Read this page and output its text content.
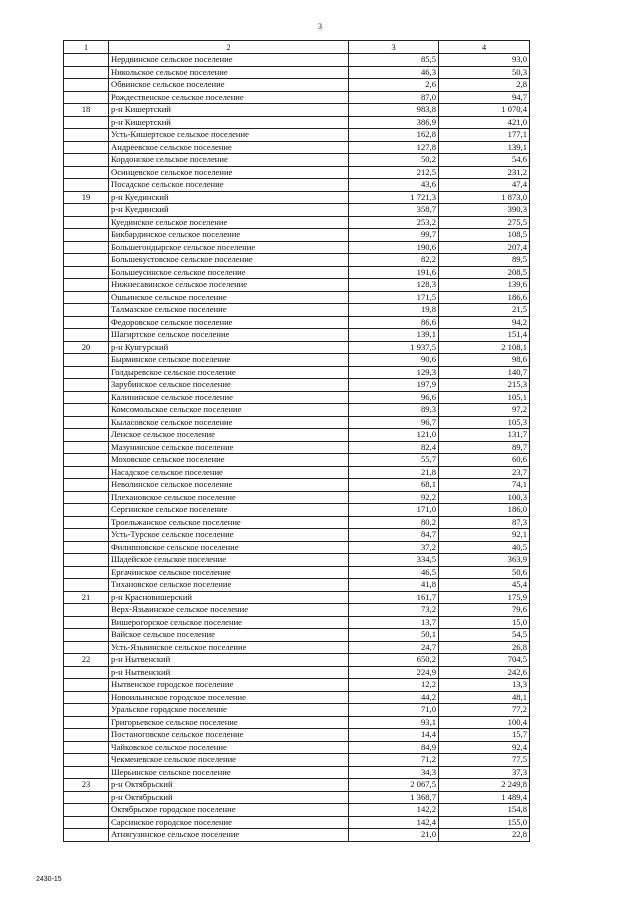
3
1	2	3	4
	Нердвинское сельское поселение	85,5	93,0
	Никольское сельское поселение	46,3	50,3
	Обвинское сельское поселение	2,6	2,8
	Рождественское сельское поселение	87,0	94,7
18	р-н Кишертский	983,8	1 070,4
	р-н Кишертский	386,9	421,0
	Усть-Кишертское сельское поселение	162,8	177,1
	Андреевское сельское поселение	127,8	139,1
	Кордонское сельское поселение	50,2	54,6
	Осинцевское сельское поселение	212,5	231,2
	Посадское сельское поселение	43,6	47,4
19	р-н Куединский	1 721,3	1 873,0
	р-н Куединский	358,7	390,3
	Куединское сельское поселение	253,2	275,5
	Бикбардинское сельское поселение	99,7	108,5
	Большегондырское сельское поселение	190,6	207,4
	Большекустовское сельское поселение	82,2	89,5
	Большеусинское сельское поселение	191,6	208,5
	Нижнесавинское сельское поселение	128,3	139,6
	Ошьинское сельское поселение	171,5	186,6
	Талмазское сельское поселение	19,8	21,5
	Федоровское сельское поселение	86,6	94,2
	Шагиртское сельское поселение	139,1	151,4
20	р-н Кунгурский	1 937,5	2 108,1
	Бырминское сельское поселение	90,6	98,6
	Голдыревское сельское поселение	129,3	140,7
	Зарубинское сельское поселение	197,9	215,3
	Калининское сельское поселение	96,6	105,1
	Комсомольское сельское поселение	89,3	97,2
	Кыласовское сельское поселение	96,7	105,3
	Ленское сельское поселение	121,0	131,7
	Мазунинское сельское поселение	82,4	89,7
	Моховское сельское поселение	55,7	60,6
	Насадское сельское поселение	21,8	23,7
	Неволинское сельское поселение	68,1	74,1
	Плехановское сельское поселение	92,2	100,3
	Сергинское сельское поселение	171,0	186,0
	Троельжанское сельское поселение	80,2	87,3
	Усть-Турское сельское поселение	84,7	92,1
	Филипповское сельское поселение	37,2	40,5
	Шадейское сельское поселение	334,5	363,9
	Ергачинское сельское поселение	46,5	50,6
	Тихановское сельское поселение	41,8	45,4
21	р-н Красновишерский	161,7	175,9
	Верх-Язьвинское сельское поселение	73,2	79,6
	Вишерогорское сельское поселение	13,7	15,0
	Вайское сельское поселение	50,1	54,5
	Усть-Язьвинское сельское поселение	24,7	26,8
22	р-н Нытвенский	650,2	704,5
	р-н Нытвенский	224,9	242,6
	Нытвенское городское поселение	12,2	13,3
	Новоильинское городское поселение	44,2	48,1
	Уральское городское поселение	71,0	77,2
	Григорьевское сельское поселение	93,1	100,4
	Постаноговское сельское поселение	14,4	15,7
	Чайковское сельское поселение	84,9	92,4
	Чекменевское сельское поселение	71,2	77,5
	Шерьинское сельское поселение	34,3	37,3
23	р-н Октябрьский	2 067,5	2 249,8
	р-н Октябрьский	1 368,7	1 489,4
	Октябрьское городское поселение	142,2	154,8
	Сарсинское городское поселение	142,4	155,0
	Атнягузинское сельское поселение	21,0	22,8
2430-15
